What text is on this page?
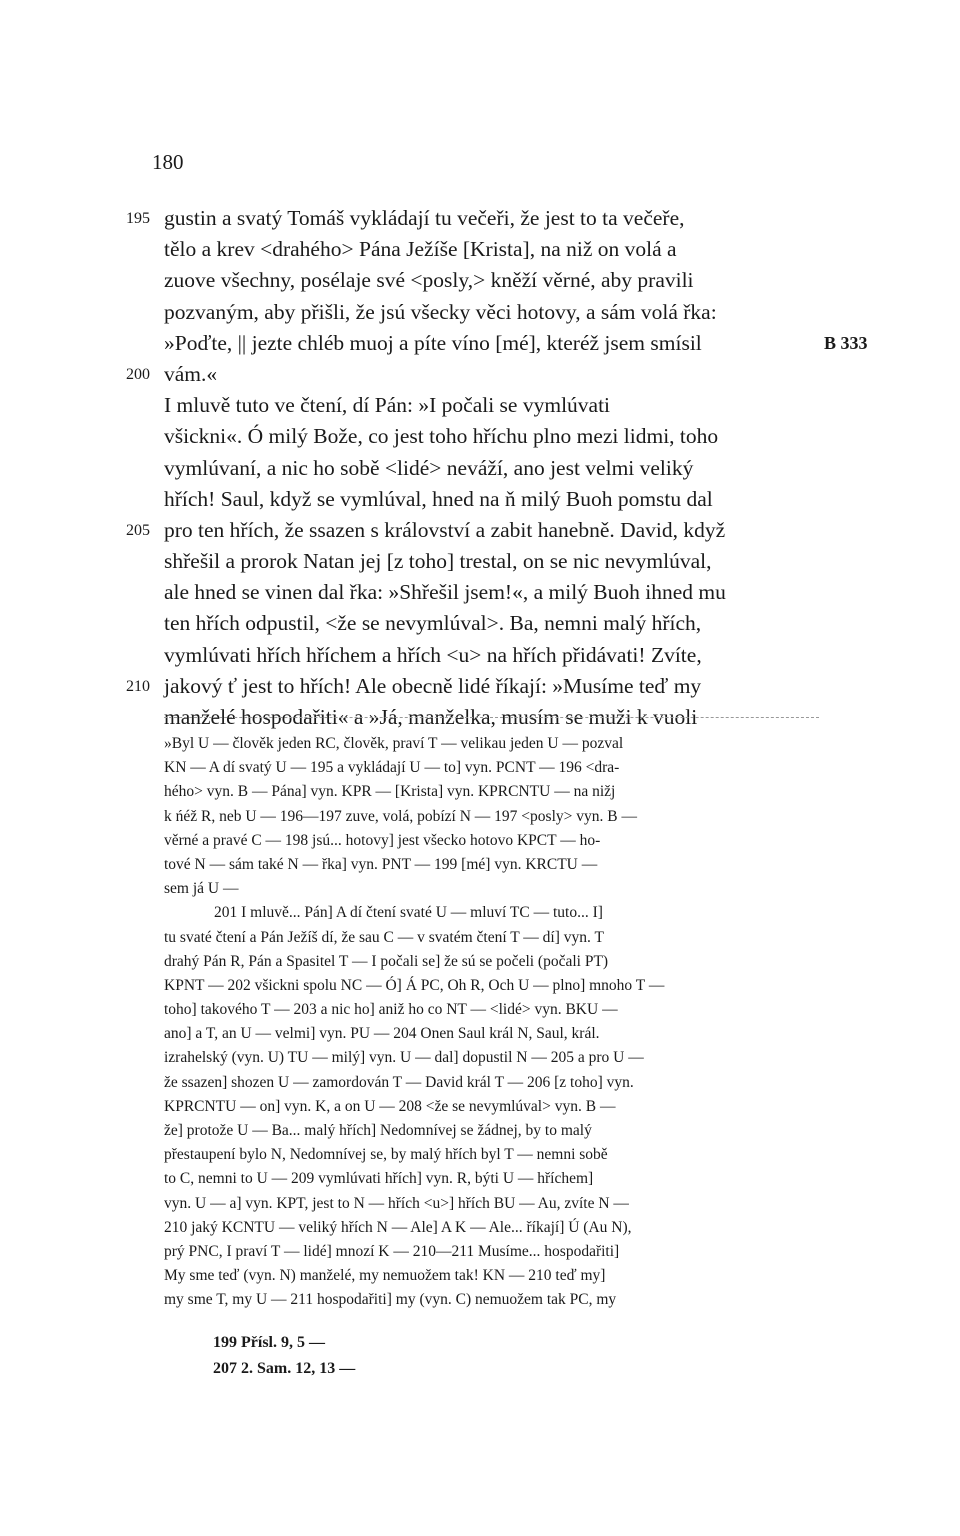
180
195 gustin a svatý Tomáš vykládají tu večeři, že jest to ta večeře,
tělo a krev <drahého> Pána Ježíše [Krista], na niž on volá a
zuove všechny, posélaje své <posly,> kněží věrné, aby pravili
pozvaným, aby přišli, že jsú všecky věci hotovy, a sám volá řka:
»Poďte, || jezte chléb muoj a píte víno [mé], kteréž jsem smísil	B 333
200 vám.«
I mluvě tuto ve čtení, dí Pán: »I počali se vymlúvati
všickni«. Ó milý Bože, co jest toho hříchu plno mezi lidmi, toho
vymlúvaní, a nic ho sobě <lidé> neváží, ano jest velmi veliký
hřích! Saul, když se vymlúval, hned na ň milý Buoh pomstu dal
205 pro ten hřích, že ssazen s království a zabit hanebně. David, když
shřešil a prorok Natan jej [z toho] trestal, on se nic nevymlúval,
ale hned se vinen dal řka: »Shřešil jsem!«, a milý Buoh ihned mu
ten hřích odpustil, <že se nevymlúval>. Ba, nemni malý hřích,
vymlúvati hřích hříchem a hřích <u> na hřích přidávati! Zvíte,
210 jakový ť jest to hřích! Ale obecně lidé říkají: »Musíme teď my
manželé hospodařiti« a »Já, manželka, musím se muži k vuoli
»Byl U — člověk jeden RC, člověk, praví T — velikau jeden U — pozval
KN — A dí svatý U — 195 a vykládají U — to] vyn. PCNT — 196 <dra-
hého> vyn. B — Pána] vyn. KPR — [Krista] vyn. KPRCNTU — na nižj
k ńéž R, neb U — 196—197 zuve, volá, pobízí N — 197 <posly> vyn. B —
věrné a pravé C — 198 jsú... hotovy] jest všecko hotovo KPCT — ho-
tové N — sám také N — řka] vyn. PNT — 199 [mé] vyn. KRCTU —
sem já U —
201 I mluvě... Pán] A dí čtení svaté U — mluví TC — tuto... I]
tu svaté čtení a Pán Ježíš dí, že sau C — v svatém čtení T — dí] vyn. T
drahý Pán R, Pán a Spasitel T — I počali se] že sú se počeli (počali PT)
KPNT — 202 všickni spolu NC — Ó] Á PC, Oh R, Och U — plno] mnoho T —
toho] takového T — 203 a nic ho] aniž ho co NT — <lidé> vyn. BKU —
ano] a T, an U — velmi] vyn. PU — 204 Onen Saul král N, Saul, král.
izrahelský (vyn. U) TU — milý] vyn. U — dal] dopustil N — 205 a pro U —
že ssazen] shozen U — zamordován T — David král T — 206 [z toho] vyn.
KPRCNTU — on] vyn. K, a on U — 208 <že se nevymlúval> vyn. B —
že] protože U — Ba... malý hřích] Nedomnívej se žádnej, by to malý
přestaupení bylo N, Nedomnívej se, by malý hřích byl T — nemni sobě
to C, nemni to U — 209 vymlúvati hřích] vyn. R, býti U — hříchem]
vyn. U — a] vyn. KPT, jest to N — hřích <u>] hřích BU — Au, zvíte N —
210 jaký KCNTU — veliký hřích N — Ale] A K — Ale... říkají] Ú (Au N),
prý PNC, I praví T — lidé] mnozí K — 210—211 Musíme... hospodařiti]
My sme teď (vyn. N) manželé, my nemuožem tak! KN — 210 teď my]
my sme T, my U — 211 hospodařiti] my (vyn. C) nemuožem tak PC, my
199 Přísl. 9, 5 —
207 2. Sam. 12, 13 —
